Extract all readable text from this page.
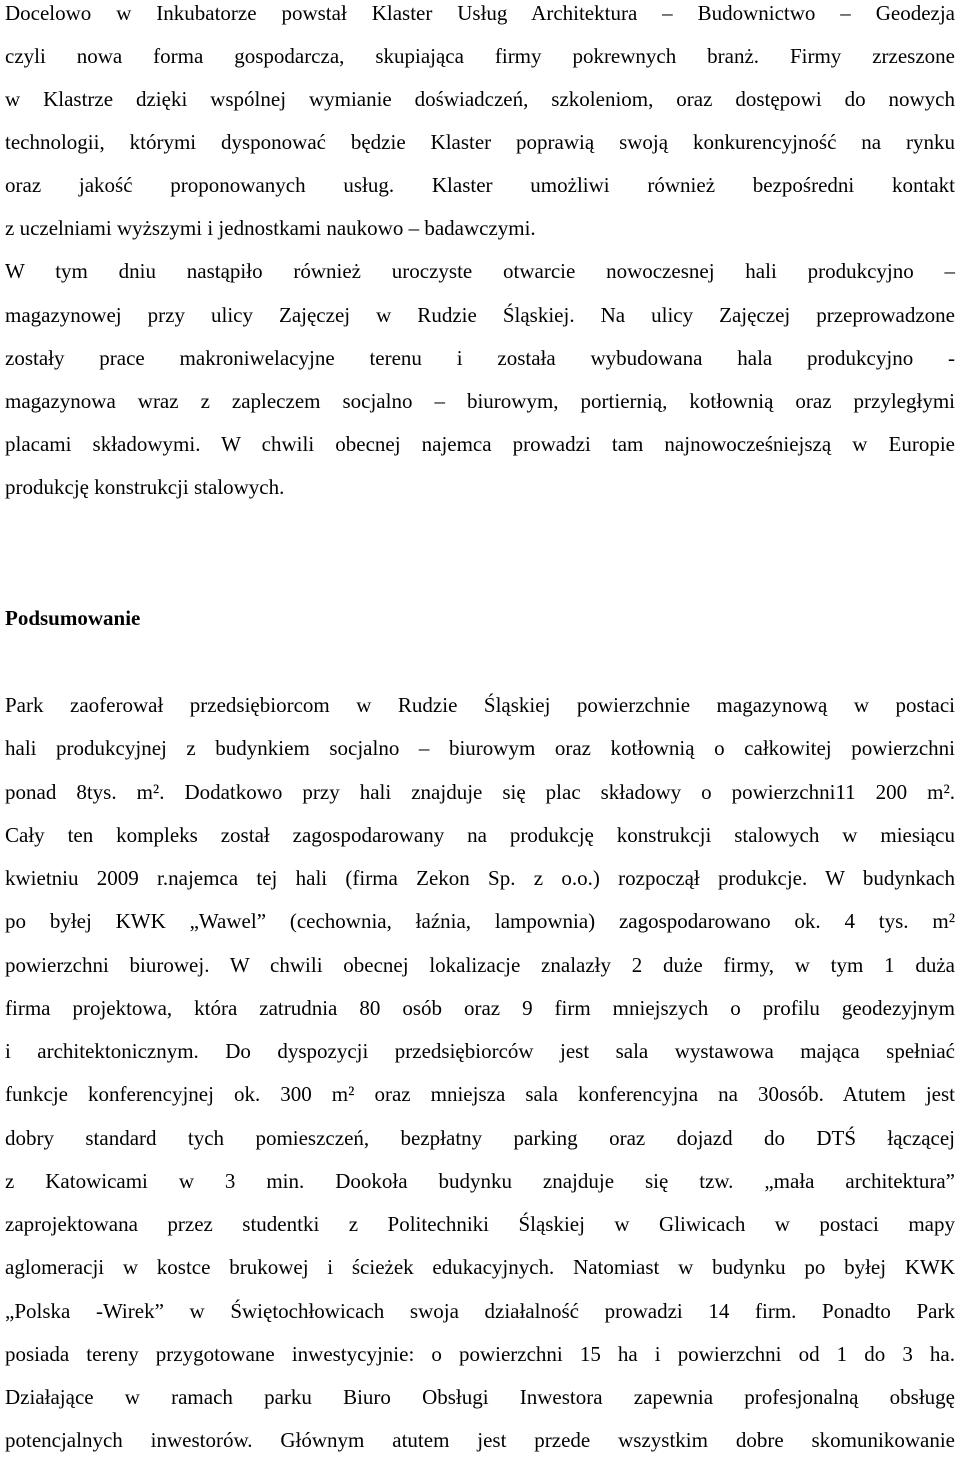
Docelowo w Inkubatorze powstał Klaster Usług Architektura – Budownictwo – Geodezja
czyli nowa forma gospodarcza, skupiająca firmy pokrewnych branż. Firmy zrzeszone
w Klastrze dzięki wspólnej wymianie doświadczeń, szkoleniom, oraz dostępowi do nowych
technologii, którymi dysponować będzie Klaster poprawią swoją konkurencyjność na rynku
oraz jakość proponowanych usług. Klaster umożliwi również bezpośredni kontakt
z uczelniami wyższymi i jednostkami naukowo – badawczymi.
W tym dniu nastąpiło również uroczyste otwarcie nowoczesnej hali produkcyjno –
magazynowej przy ulicy Zajęczej w Rudzie Śląskiej. Na ulicy Zajęczej przeprowadzone
zostały prace makroniwelacyjne terenu i została wybudowana hala produkcyjno -
magazynowa wraz z zapleczem socjalno – biurowym, portiernią, kotłownią oraz przyległymi
placami składowymi. W chwili obecnej najemca prowadzi tam najnowocześniejszą w Europie
produkcję konstrukcji stalowych.
Podsumowanie
Park zaoferował przedsiębiorcom w Rudzie Śląskiej powierzchnie magazynową w postaci
hali produkcyjnej z budynkiem socjalno – biurowym oraz kotłownią o całkowitej powierzchni
ponad 8tys. m². Dodatkowo przy hali znajduje się plac składowy o powierzchni11 200 m².
Cały ten kompleks został zagospodarowany na produkcję konstrukcji stalowych w miesiącu
kwietniu 2009 r.najemca tej hali (firma Zekon Sp. z o.o.) rozpoczął produkcje. W budynkach
po byłej KWK „Wawel” (cechownia, łaźnia, lampownia) zagospodarowano ok. 4 tys. m²
powierzchni biurowej. W chwili obecnej lokalizacje znalazły 2 duże firmy, w tym 1 duża
firma projektowa, która zatrudnia 80 osób oraz 9 firm mniejszych o profilu geodezyjnym
i architektonicznym. Do dyspozycji przedsiębiorców jest sala wystawowa mająca spełniać
funkcje konferencyjnej ok. 300 m² oraz mniejsza sala konferencyjna na 30osób. Atutem jest
dobry standard tych pomieszczeń, bezpłatny parking oraz dojazd do DTŚ łączącej
z Katowicami w 3 min. Dookoła budynku znajduje się tzw. „mała architektura”
zaprojektowana przez studentki z Politechniki Śląskiej w Gliwicach w postaci mapy
aglomeracji w kostce brukowej i ścieżek edukacyjnych. Natomiast w budynku po byłej KWK
„Polska -Wirek” w Świętochłowicach swoja działalność prowadzi 14 firm. Ponadto Park
posiada tereny przygotowane inwestycyjnie: o powierzchni 15 ha i powierzchni od 1 do 3 ha.
Działające w ramach parku Biuro Obsługi Inwestora zapewnia profesjonalną obsługę
potencjalnych inwestorów. Głównym atutem jest przede wszystkim dobre skomunikowanie
